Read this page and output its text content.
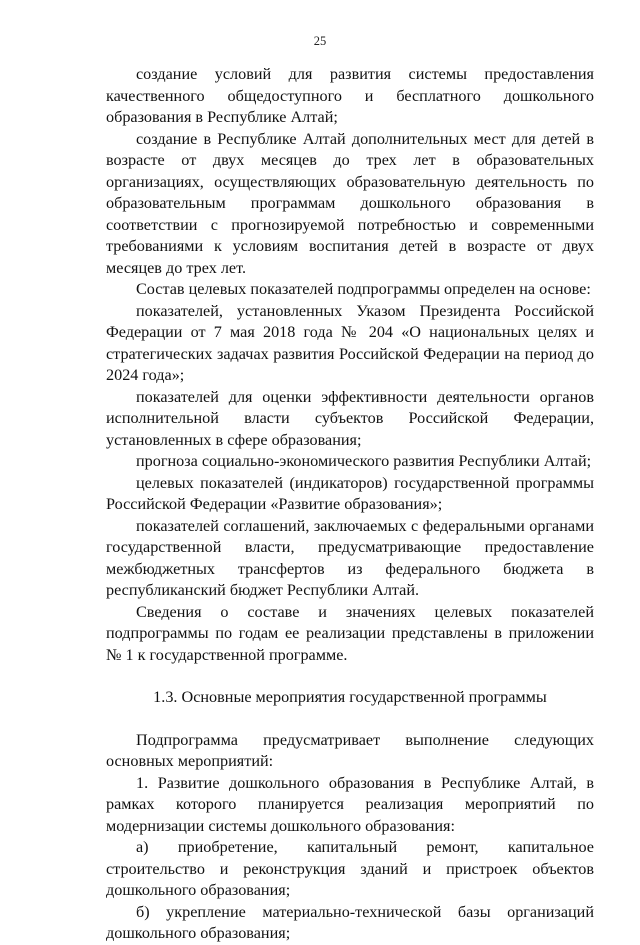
25

создание условий для развития системы предоставления качественного общедоступного и бесплатного дошкольного образования в Республике Алтай;

создание в Республике Алтай дополнительных мест для детей в возрасте от двух месяцев до трех лет в образовательных организациях, осуществляющих образовательную деятельность по образовательным программам дошкольного образования в соответствии с прогнозируемой потребностью и современными требованиями к условиям воспитания детей в возрасте от двух месяцев до трех лет.

Состав целевых показателей подпрограммы определен на основе:

показателей, установленных Указом Президента Российской Федерации от 7 мая 2018 года № 204 «О национальных целях и стратегических задачах развития Российской Федерации на период до 2024 года»;

показателей для оценки эффективности деятельности органов исполнительной власти субъектов Российской Федерации, установленных в сфере образования;

прогноза социально-экономического развития Республики Алтай;

целевых показателей (индикаторов) государственной программы Российской Федерации «Развитие образования»;

показателей соглашений, заключаемых с федеральными органами государственной власти, предусматривающие предоставление межбюджетных трансфертов из федерального бюджета в республиканский бюджет Республики Алтай.

Сведения о составе и значениях целевых показателей подпрограммы по годам ее реализации представлены в приложении № 1 к государственной программе.

1.3. Основные мероприятия государственной программы

Подпрограмма предусматривает выполнение следующих основных мероприятий:

1. Развитие дошкольного образования в Республике Алтай, в рамках которого планируется реализация мероприятий по модернизации системы дошкольного образования:

а) приобретение, капитальный ремонт, капитальное строительство и реконструкция зданий и пристроек объектов дошкольного образования;

б) укрепление материально-технической базы организаций дошкольного образования;
